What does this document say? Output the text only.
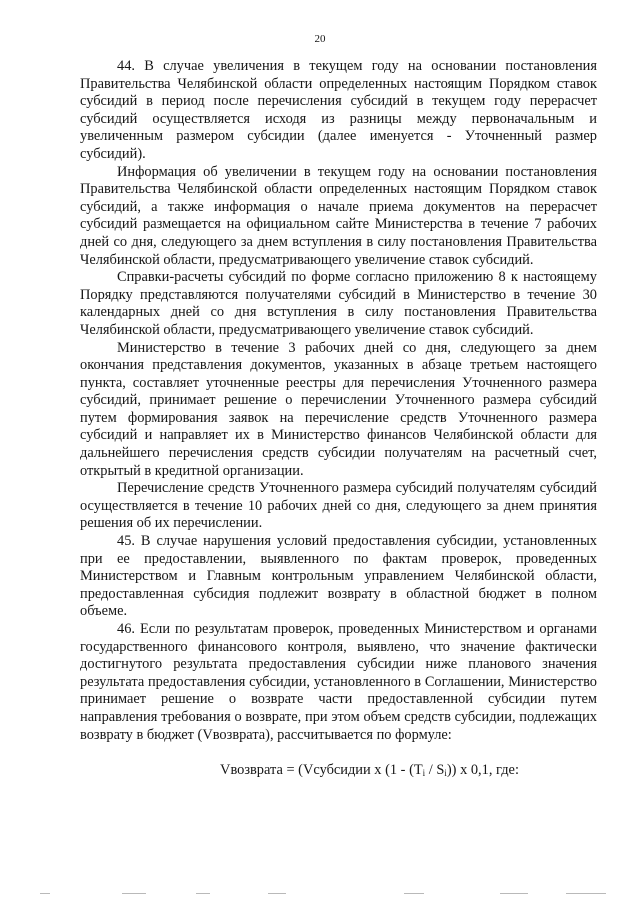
20

44. В случае увеличения в текущем году на основании постановления Правительства Челябинской области определенных настоящим Порядком ставок субсидий в период после перечисления субсидий в текущем году перерасчет субсидий осуществляется исходя из разницы между первоначальным и увеличенным размером субсидии (далее именуется - Уточненный размер субсидий).

Информация об увеличении в текущем году на основании постановления Правительства Челябинской области определенных настоящим Порядком ставок субсидий, а также информация о начале приема документов на перерасчет субсидий размещается на официальном сайте Министерства в течение 7 рабочих дней со дня, следующего за днем вступления в силу постановления Правительства Челябинской области, предусматривающего увеличение ставок субсидий.

Справки-расчеты субсидий по форме согласно приложению 8 к настоящему Порядку представляются получателями субсидий в Министерство в течение 30 календарных дней со дня вступления в силу постановления Правительства Челябинской области, предусматривающего увеличение ставок субсидий.

Министерство в течение 3 рабочих дней со дня, следующего за днем окончания представления документов, указанных в абзаце третьем настоящего пункта, составляет уточненные реестры для перечисления Уточненного размера субсидий, принимает решение о перечислении Уточненного размера субсидий путем формирования заявок на перечисление средств Уточненного размера субсидий и направляет их в Министерство финансов Челябинской области для дальнейшего перечисления средств субсидии получателям на расчетный счет, открытый в кредитной организации.

Перечисление средств Уточненного размера субсидий получателям субсидий осуществляется в течение 10 рабочих дней со дня, следующего за днем принятия решения об их перечислении.

45. В случае нарушения условий предоставления субсидии, установленных при ее предоставлении, выявленного по фактам проверок, проведенных Министерством и Главным контрольным управлением Челябинской области, предоставленная субсидия подлежит возврату в областной бюджет в полном объеме.

46. Если по результатам проверок, проведенных Министерством и органами государственного финансового контроля, выявлено, что значение фактически достигнутого результата предоставления субсидии ниже планового значения результата предоставления субсидии, установленного в Соглашении, Министерство принимает решение о возврате части предоставленной субсидии путем направления требования о возврате, при этом объем средств субсидии, подлежащих возврату в бюджет (Vвозврата), рассчитывается по формуле:

Vвозврата = (Vсубсидии x $(1 - (T_i / S_i))$ x 0,1, где:
